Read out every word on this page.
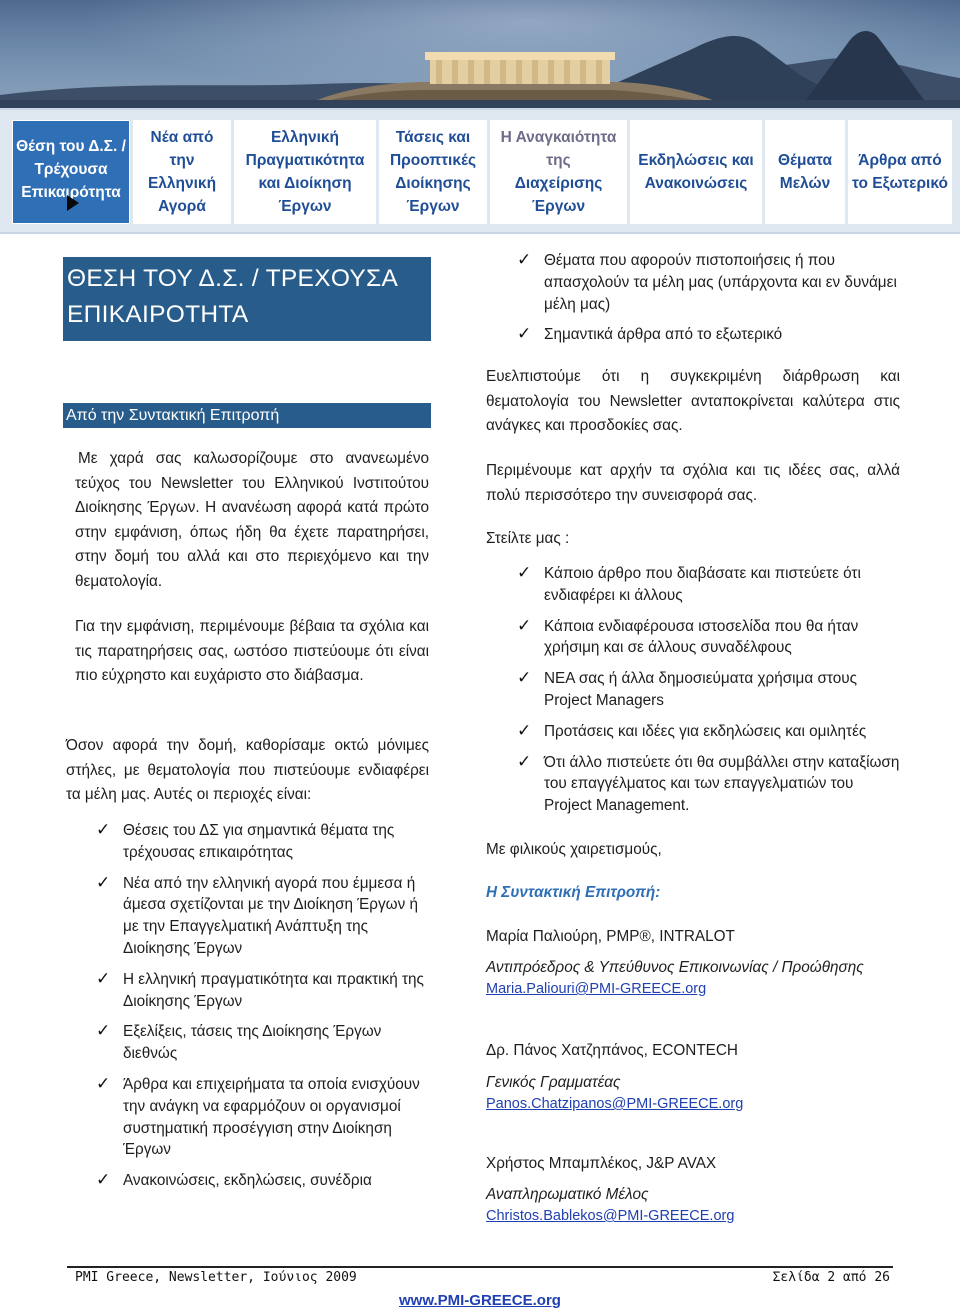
Θέση του Δ.Σ. /
Τρέχουσα
Επικαιρότητα
Νέα από την
Ελληνική
Αγορά
Ελληνική
Πραγματικότητα
και Διοίκηση
Έργων
Τάσεις και
Προοπτικές
Διοίκησης
Έργων
Η Αναγκαιότητα
της
Διαχείρισης
Έργων
Εκδηλώσεις και
Ανακοινώσεις
Θέματα
Μελών
Άρθρα από
το Εξωτερικό
ΘΕΣΗ ΤΟΥ Δ.Σ. / ΤΡΕΧΟΥΣΑ ΕΠΙΚΑΙΡΟΤΗΤΑ
Από την Συντακτική Επιτροπή
Με χαρά σας καλωσορίζουμε στο ανανεωμένο τεύχος του Newsletter του Ελληνικού Ινστιτούτου Διοίκησης Έργων. Η ανανέωση αφορά κατά πρώτο στην εμφάνιση, όπως ήδη θα έχετε παρατηρήσει, στην δομή του αλλά και στο περιεχόμενο και την θεματολογία.
Για την εμφάνιση, περιμένουμε βέβαια τα σχόλια και τις παρατηρήσεις σας, ωστόσο πιστεύουμε ότι είναι πιο εύχρηστο και ευχάριστο στο διάβασμα.
Όσον αφορά την δομή, καθορίσαμε οκτώ μόνιμες στήλες, με θεματολογία που πιστεύουμε ενδιαφέρει τα μέλη μας. Αυτές οι περιοχές είναι:
✓ Θέσεις του ΔΣ για σημαντικά θέματα της τρέχουσας επικαιρότητας
✓ Νέα από την ελληνική αγορά που έμμεσα ή άμεσα σχετίζονται με την Διοίκηση Έργων ή με την Επαγγελματική Ανάπτυξη της Διοίκησης Έργων
✓ Η ελληνική πραγματικότητα και πρακτική της Διοίκησης Έργων
✓ Εξελίξεις, τάσεις της Διοίκησης Έργων διεθνώς
✓ Άρθρα και επιχειρήματα τα οποία ενισχύουν την ανάγκη να εφαρμόζουν οι οργανισμοί συστηματική προσέγγιση στην Διοίκηση Έργων
✓ Ανακοινώσεις, εκδηλώσεις, συνέδρια
✓ Θέματα που αφορούν πιστοποιήσεις ή που απασχολούν τα μέλη μας (υπάρχοντα και εν δυνάμει μέλη μας)
✓ Σημαντικά άρθρα από το εξωτερικό
Ευελπιστούμε ότι η συγκεκριμένη διάρθρωση και θεματολογία του Newsletter ανταποκρίνεται καλύτερα στις ανάγκες και προσδοκίες σας.
Περιμένουμε κατ αρχήν τα σχόλια και τις ιδέες σας, αλλά πολύ περισσότερο την συνεισφορά σας.
Στείλτε μας :
✓ Κάποιο άρθρο που διαβάσατε και πιστεύετε ότι ενδιαφέρει κι άλλους
✓ Κάποια ενδιαφέρουσα ιστοσελίδα που θα ήταν χρήσιμη και σε άλλους συναδέλφους
✓ ΝΕΑ σας ή άλλα δημοσιεύματα χρήσιμα στους Project Managers
✓ Προτάσεις και ιδέες για εκδηλώσεις και ομιλητές
✓ Ότι άλλο πιστεύετε ότι θα συμβάλλει στην καταξίωση του επαγγέλματος και των επαγγελματιών του Project Management.
Με φιλικούς χαιρετισμούς,
Η Συντακτική Επιτροπή:
Μαρία Παλιούρη, PMP®, INTRALOT
Αντιπρόεδρος & Υπεύθυνος Επικοινωνίας / Προώθησης
Maria.Paliouri@PMI-GREECE.org
Δρ. Πάνος Χατζηπάνος, ECONTECH
Γενικός Γραμματέας
Panos.Chatzipanos@PMI-GREECE.org
Χρήστος Μπαμπλέκος, J&P AVAX
Αναπληρωματικό Μέλος
Christos.Bablekos@PMI-GREECE.org
PMI Greece, Newsletter, Ιούνιος 2009	Σελίδα 2 από 26
www.PMI-GREECE.org
